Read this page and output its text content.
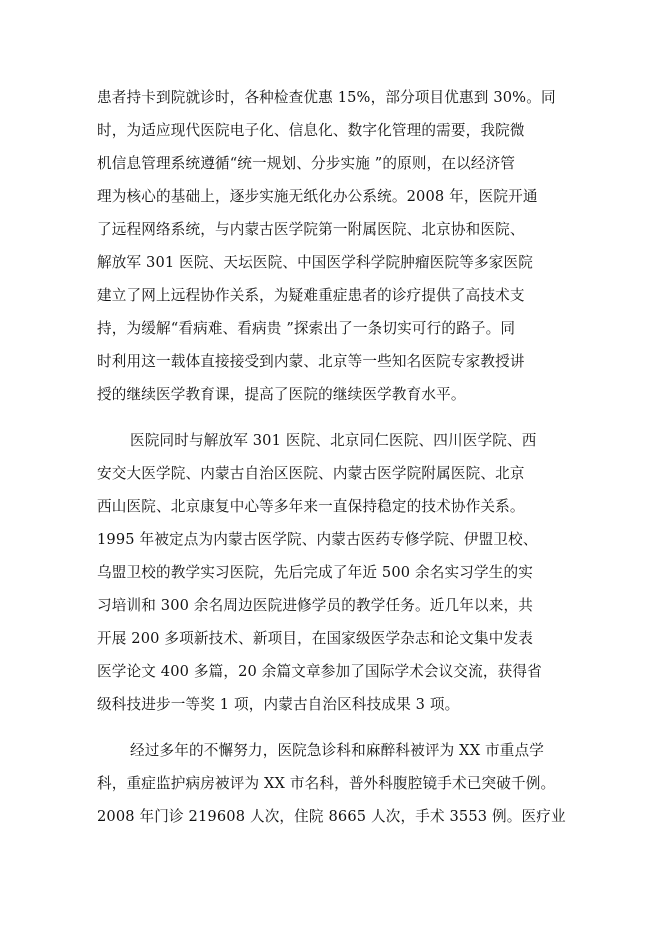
患者持卡到院就诊时，各种检查优惠 15%，部分项目优惠到 30%。同

时，为适应现代医院电子化、信息化、数字化管理的需要，我院微

机信息管理系统遵循“统一规划、分步实施 ”的原则，在以经济管

理为核心的基础上，逐步实施无纸化办公系统。2008 年，医院开通

了远程网络系统，与内蒙古医学院第一附属医院、北京协和医院、

解放军 301 医院、天坛医院、中国医学科学院肿瘤医院等多家医院

建立了网上远程协作关系，为疑难重症患者的诊疗提供了高技术支

持，为缓解“看病难、看病贵 ”探索出了一条切实可行的路子。同

时利用这一载体直接接受到内蒙、北京等一些知名医院专家教授讲

授的继续医学教育课，提高了医院的继续医学教育水平。

医院同时与解放军 301 医院、北京同仁医院、四川医学院、西

安交大医学院、内蒙古自治区医院、内蒙古医学院附属医院、北京

西山医院、北京康复中心等多年来一直保持稳定的技术协作关系。

1995 年被定点为内蒙古医学院、内蒙古医药专修学院、伊盟卫校、

乌盟卫校的教学实习医院，先后完成了年近 500 余名实习学生的实

习培训和 300 余名周边医院进修学员的教学任务。近几年以来，共

开展 200 多项新技术、新项目，在国家级医学杂志和论文集中发表

医学论文 400 多篇，20 余篇文章参加了国际学术会议交流，获得省

级科技进步一等奖 1 项，内蒙古自治区科技成果 3 项。

经过多年的不懈努力，医院急诊科和麻醉科被评为 XX 市重点学

科，重症监护病房被评为 XX 市名科，普外科腹腔镜手术已突破千例。

2008 年门诊 219608 人次，住院 8665 人次，手术 3553 例。医疗业
